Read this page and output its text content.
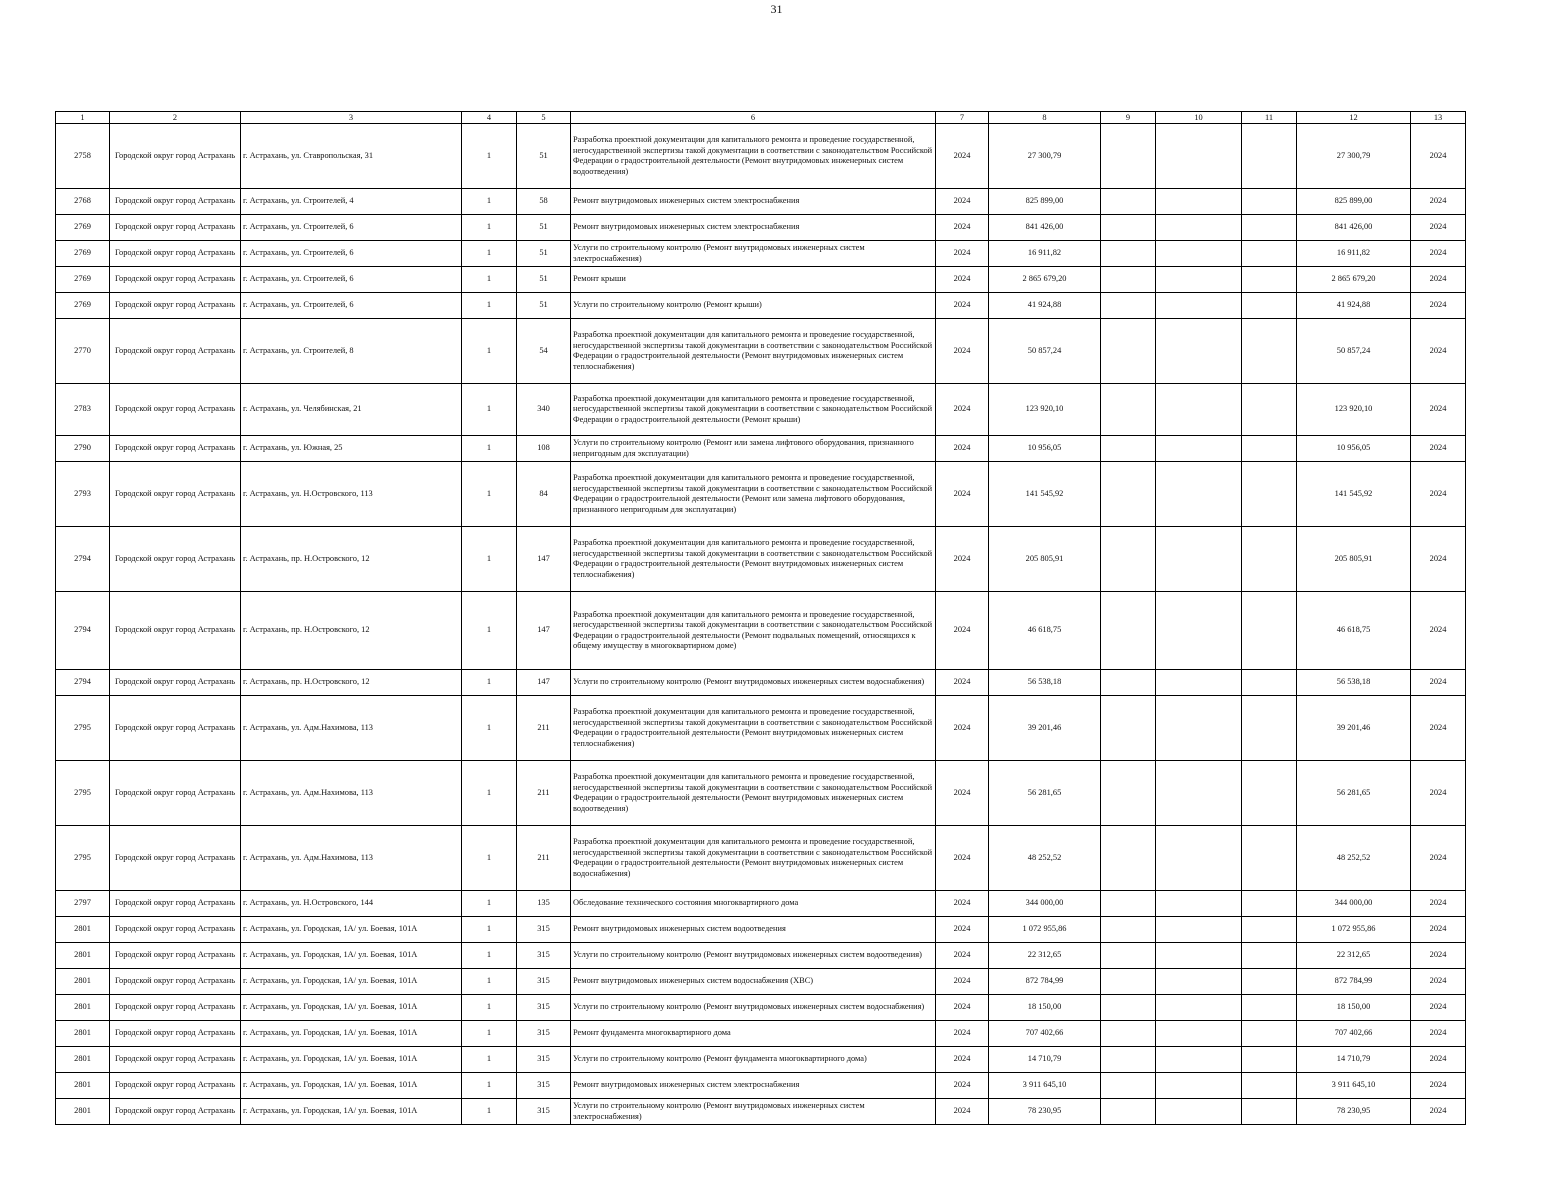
31
1	2	3	4	5	6	7	8	9	10	11	12	13
2758	Городской округ город Астрахань	г. Астрахань, ул. Ставропольская, 31	1	51	Разработка проектной документации для капитального ремонта и проведение государственной, негосударственной экспертизы такой документации в соответствии с законодательством Российской Федерации о градостроительной деятельности (Ремонт внутридомовых инженерных систем водоотведения)	2024	27 300,79				27 300,79	2024
2768	Городской округ город Астрахань	г. Астрахань, ул. Строителей, 4	1	58	Ремонт внутридомовых инженерных систем электроснабжения	2024	825 899,00				825 899,00	2024
2769	Городской округ город Астрахань	г. Астрахань, ул. Строителей, 6	1	51	Ремонт внутридомовых инженерных систем электроснабжения	2024	841 426,00				841 426,00	2024
2769	Городской округ город Астрахань	г. Астрахань, ул. Строителей, 6	1	51	Услуги по строительному контролю (Ремонт внутридомовых инженерных систем электроснабжения)	2024	16 911,82				16 911,82	2024
2769	Городской округ город Астрахань	г. Астрахань, ул. Строителей, 6	1	51	Ремонт крыши	2024	2 865 679,20				2 865 679,20	2024
2769	Городской округ город Астрахань	г. Астрахань, ул. Строителей, 6	1	51	Услуги по строительному контролю (Ремонт крыши)	2024	41 924,88				41 924,88	2024
2770	Городской округ город Астрахань	г. Астрахань, ул. Строителей, 8	1	54	Разработка проектной документации для капитального ремонта и проведение государственной, негосударственной экспертизы такой документации в соответствии с законодательством Российской Федерации о градостроительной деятельности (Ремонт внутридомовых инженерных систем теплоснабжения)	2024	50 857,24				50 857,24	2024
2783	Городской округ город Астрахань	г. Астрахань, ул. Челябинская, 21	1	340	Разработка проектной документации для капитального ремонта и проведение государственной, негосударственной экспертизы такой документации в соответствии с законодательством Российской Федерации о градостроительной деятельности (Ремонт крыши)	2024	123 920,10				123 920,10	2024
2790	Городской округ город Астрахань	г. Астрахань, ул. Южная, 25	1	108	Услуги по строительному контролю (Ремонт или замена лифтового оборудования, признанного непригодным для эксплуатации)	2024	10 956,05				10 956,05	2024
2793	Городской округ город Астрахань	г. Астрахань, ул. Н.Островского, 113	1	84	Разработка проектной документации для капитального ремонта и проведение государственной, негосударственной экспертизы такой документации в соответствии с законодательством Российской Федерации о градостроительной деятельности (Ремонт или замена лифтового оборудования, признанного непригодным для эксплуатации)	2024	141 545,92				141 545,92	2024
2794	Городской округ город Астрахань	г. Астрахань, пр. Н.Островского, 12	1	147	Разработка проектной документации для капитального ремонта и проведение государственной, негосударственной экспертизы такой документации в соответствии с законодательством Российской Федерации о градостроительной деятельности (Ремонт внутридомовых инженерных систем теплоснабжения)	2024	205 805,91				205 805,91	2024
2794	Городской округ город Астрахань	г. Астрахань, пр. Н.Островского, 12	1	147	Разработка проектной документации для капитального ремонта и проведение государственной, негосударственной экспертизы такой документации в соответствии с законодательством Российской Федерации о градостроительной деятельности (Ремонт подвальных помещений, относящихся к общему имуществу в многоквартирном доме)	2024	46 618,75				46 618,75	2024
2794	Городской округ город Астрахань	г. Астрахань, пр. Н.Островского, 12	1	147	Услуги по строительному контролю (Ремонт внутридомовых инженерных систем водоснабжения)	2024	56 538,18				56 538,18	2024
2795	Городской округ город Астрахань	г. Астрахань, ул. Адм.Нахимова, 113	1	211	Разработка проектной документации для капитального ремонта и проведение государственной, негосударственной экспертизы такой документации в соответствии с законодательством Российской Федерации о градостроительной деятельности (Ремонт внутридомовых инженерных систем теплоснабжения)	2024	39 201,46				39 201,46	2024
2795	Городской округ город Астрахань	г. Астрахань, ул. Адм.Нахимова, 113	1	211	Разработка проектной документации для капитального ремонта и проведение государственной, негосударственной экспертизы такой документации в соответствии с законодательством Российской Федерации о градостроительной деятельности (Ремонт внутридомовых инженерных систем водоотведения)	2024	56 281,65				56 281,65	2024
2795	Городской округ город Астрахань	г. Астрахань, ул. Адм.Нахимова, 113	1	211	Разработка проектной документации для капитального ремонта и проведение государственной, негосударственной экспертизы такой документации в соответствии с законодательством Российской Федерации о градостроительной деятельности (Ремонт внутридомовых инженерных систем водоснабжения)	2024	48 252,52				48 252,52	2024
2797	Городской округ город Астрахань	г. Астрахань, ул. Н.Островского, 144	1	135	Обследование технического состояния многоквартирного дома	2024	344 000,00				344 000,00	2024
2801	Городской округ город Астрахань	г. Астрахань, ул. Городская, 1А/ ул. Боевая, 101А	1	315	Ремонт внутридомовых инженерных систем водоотведения	2024	1 072 955,86				1 072 955,86	2024
2801	Городской округ город Астрахань	г. Астрахань, ул. Городская, 1А/ ул. Боевая, 101А	1	315	Услуги по строительному контролю (Ремонт внутридомовых инженерных систем водоотведения)	2024	22 312,65				22 312,65	2024
2801	Городской округ город Астрахань	г. Астрахань, ул. Городская, 1А/ ул. Боевая, 101А	1	315	Ремонт внутридомовых инженерных систем водоснабжения (ХВС)	2024	872 784,99				872 784,99	2024
2801	Городской округ город Астрахань	г. Астрахань, ул. Городская, 1А/ ул. Боевая, 101А	1	315	Услуги по строительному контролю (Ремонт внутридомовых инженерных систем водоснабжения)	2024	18 150,00				18 150,00	2024
2801	Городской округ город Астрахань	г. Астрахань, ул. Городская, 1А/ ул. Боевая, 101А	1	315	Ремонт фундамента многоквартирного дома	2024	707 402,66				707 402,66	2024
2801	Городской округ город Астрахань	г. Астрахань, ул. Городская, 1А/ ул. Боевая, 101А	1	315	Услуги по строительному контролю (Ремонт фундамента многоквартирного дома)	2024	14 710,79				14 710,79	2024
2801	Городской округ город Астрахань	г. Астрахань, ул. Городская, 1А/ ул. Боевая, 101А	1	315	Ремонт внутридомовых инженерных систем электроснабжения	2024	3 911 645,10				3 911 645,10	2024
2801	Городской округ город Астрахань	г. Астрахань, ул. Городская, 1А/ ул. Боевая, 101А	1	315	Услуги по строительному контролю (Ремонт внутридомовых инженерных систем электроснабжения)	2024	78 230,95				78 230,95	2024
